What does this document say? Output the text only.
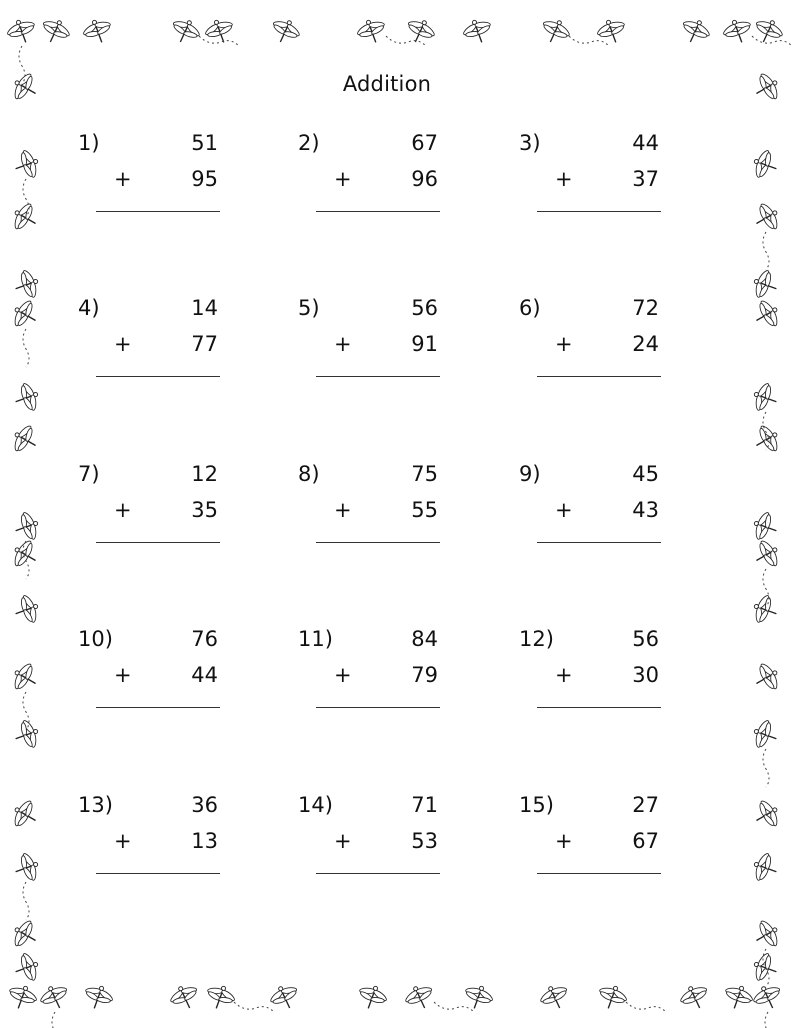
Addition
1)	51
+	95
2)	67
+	96
3)	44
+	37
4)	14
+	77
5)	56
+	91
6)	72
+	24
7)	12
+	35
8)	75
+	55
9)	45
+	43
10)	76
+	44
11)	84
+	79
12)	56
+	30
13)	36
+	13
14)	71
+	53
15)	27
+	67
